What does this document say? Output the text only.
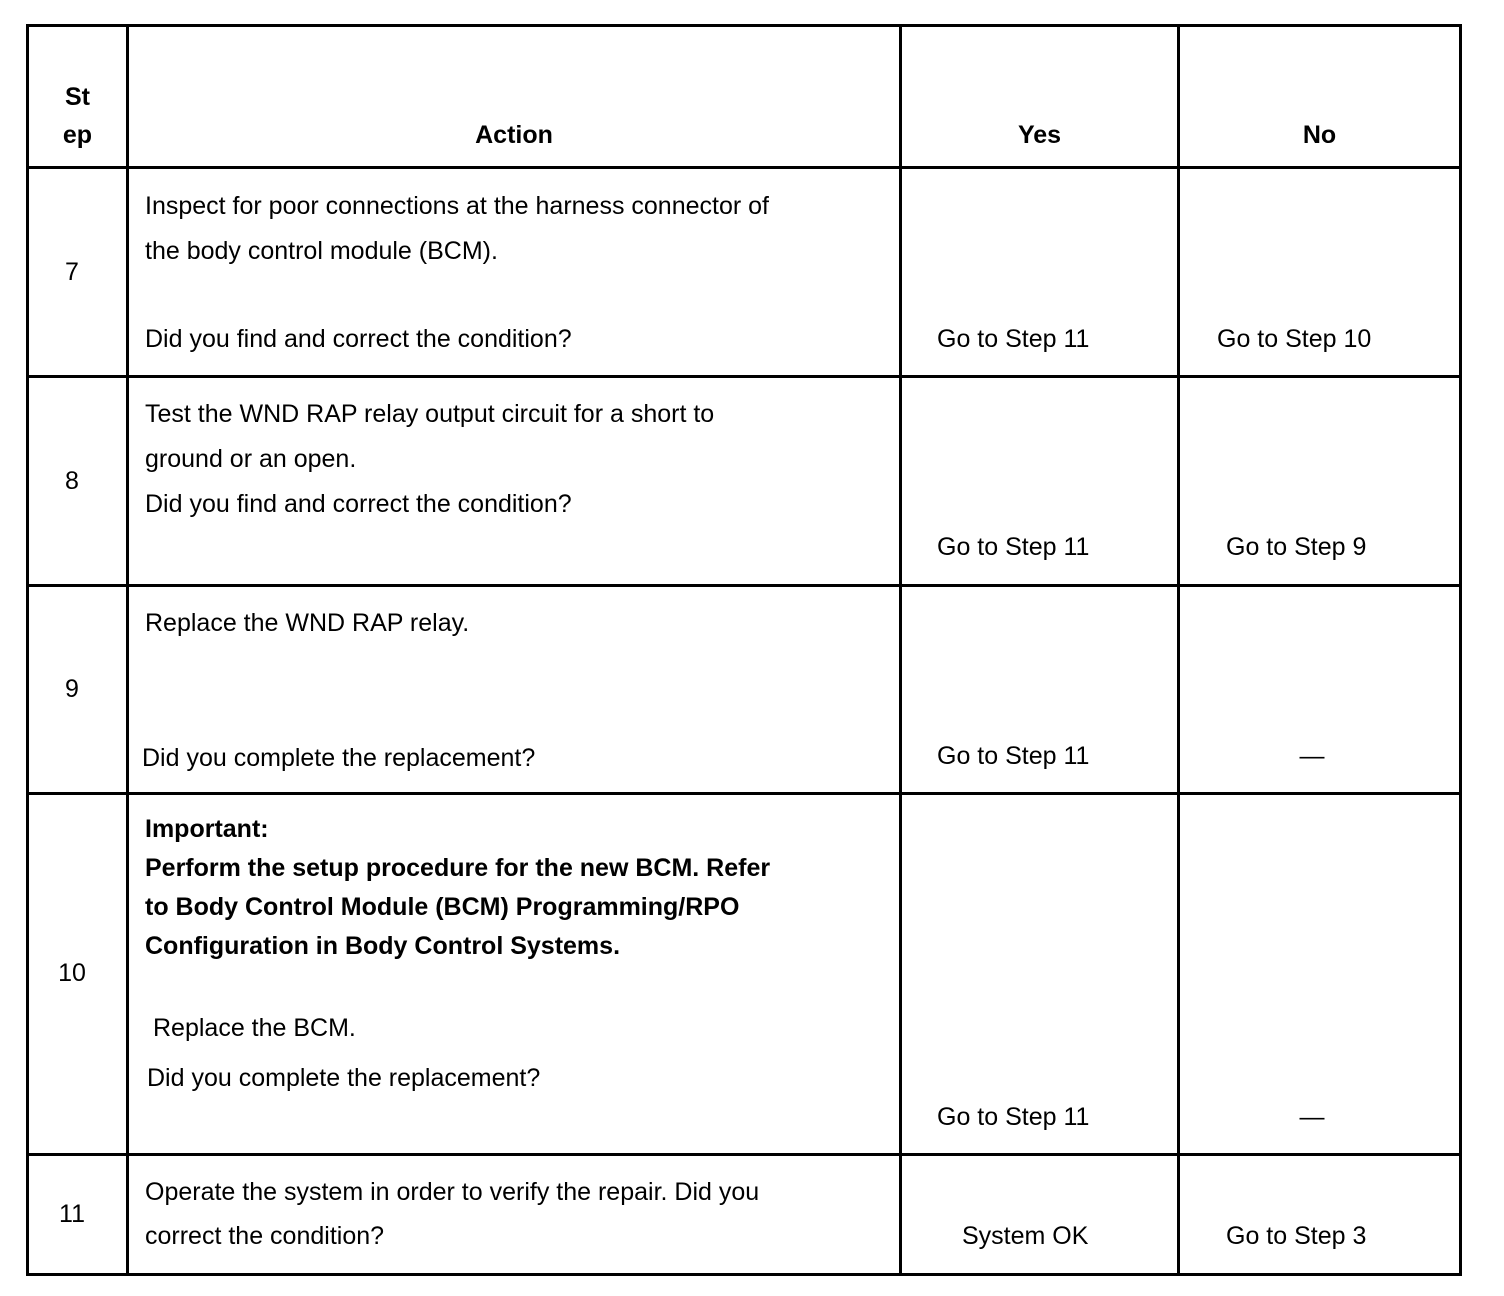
St
ep	Action	Yes	No
7
Inspect for poor connections at the harness connector of
the body control module (BCM).
Did you find and correct the condition?	Go to Step 11	Go to Step 10
8
Test the WND RAP relay output circuit for a short to
ground or an open.
Did you find and correct the condition?
Go to Step 11	Go to Step 9
9
Replace the WND RAP relay.
Did you complete the replacement?	Go to Step 11	—
10
Important:
Perform the setup procedure for the new BCM. Refer
to Body Control Module (BCM) Programming/RPO
Configuration in Body Control Systems.
Replace the BCM.
Did you complete the replacement?
Go to Step 11	—
11
Operate the system in order to verify the repair. Did you
correct the condition?	System OK	Go to Step 3
